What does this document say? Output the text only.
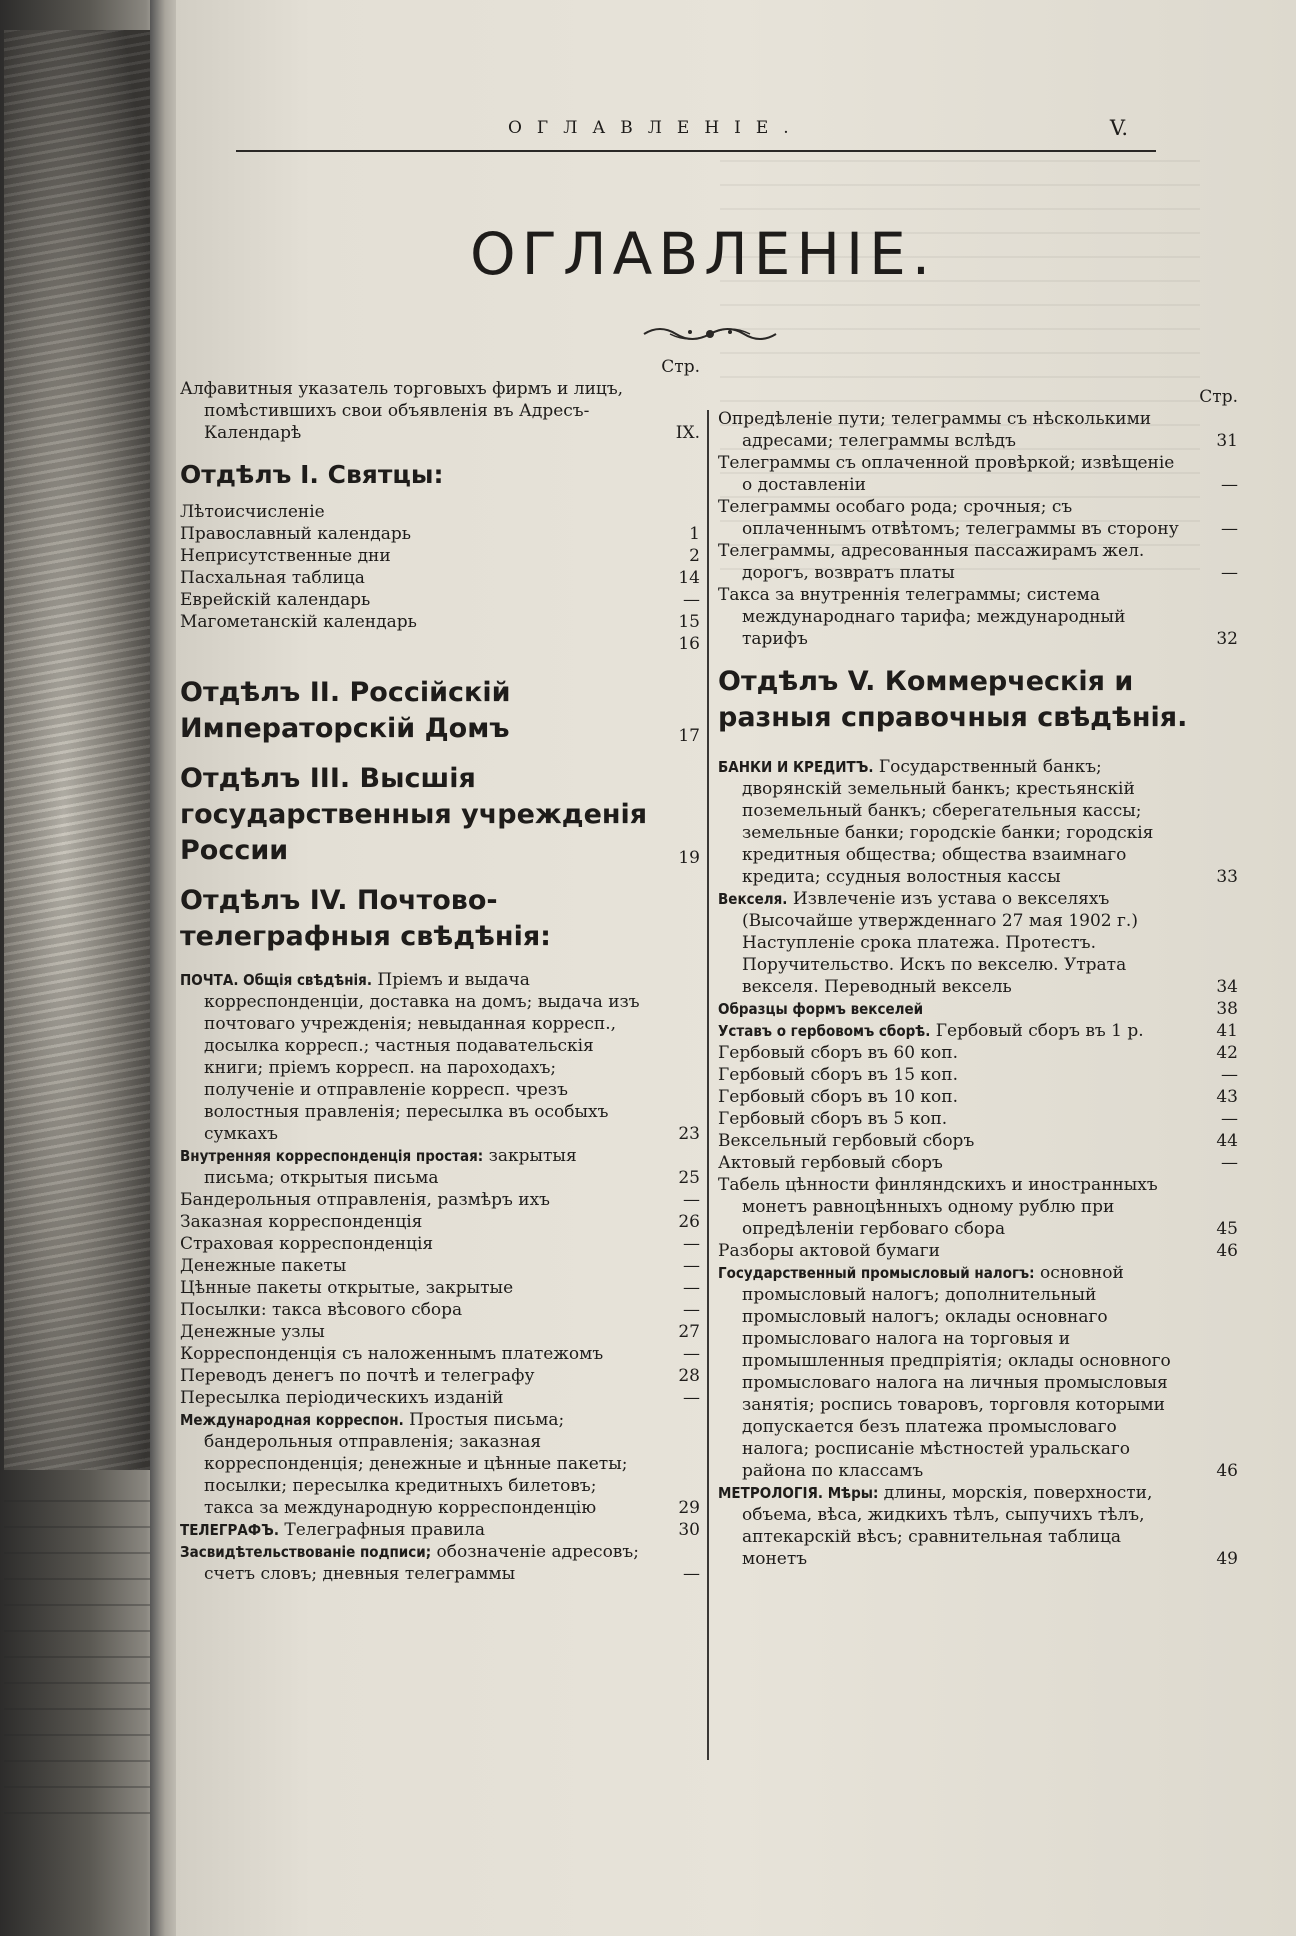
ОГЛАВЛЕНІЕ.	V.
ОГЛАВЛЕНІЕ.
Стр.
Алфавитныя указатель торговыхъ фирмъ и лицъ, помѣстившихъ свои объявленія въ Адресъ-Календарѣ	IX.
Отдѣлъ I. Святцы:
Лѣтоисчисленіе
Православный календарь	1
Неприсутственные дни	2
Пасхальная таблица	14
Еврейскій календарь	—
Магометанскій календарь	15
16
Отдѣлъ II. Россійскій Императорскій Домъ	17
Отдѣлъ III. Высшія государственныя учрежденія России	19
Отдѣлъ IV. Почтово-телеграфныя свѣдѣнія:
ПОЧТА. Общія свѣдѣнія. Пріемъ и выдача корреспонденціи, доставка на домъ; выдача изъ почтоваго учрежденія; невыданная корресп., досылка корресп.; частныя подавательскія книги; пріемъ корресп. на пароходахъ; полученіе и отправленіе корресп. чрезъ волостныя правленія; пересылка въ особыхъ сумкахъ	23
Внутренняя корреспонденція простая: закрытыя письма; открытыя письма	25
Бандерольныя отправленія, размѣръ ихъ	—
Заказная корреспонденція	26
Страховая корреспонденція	—
Денежные пакеты	—
Цѣнные пакеты открытые, закрытые	—
Посылки: такса вѣсового сбора	—
Денежные узлы	27
Корреспонденція съ наложеннымъ платежомъ	—
Переводъ денегъ по почтѣ и телеграфу	28
Пересылка періодическихъ изданій	—
Международная корреспон. Простыя письма; бандерольныя отправленія; заказная корреспонденція; денежные и цѣнные пакеты; посылки; пересылка кредитныхъ билетовъ; такса за международную корреспонденцію	29
ТЕЛЕГРАФЪ. Телеграфныя правила	30
Засвидѣтельствованіе подписи; обозначеніе адресовъ; счетъ словъ; дневныя телеграммы	—
Стр.
Опредѣленіе пути; телеграммы съ нѣсколькими адресами; телеграммы вслѣдъ	31
Телеграммы съ оплаченной провѣркой; извѣщеніе о доставленіи	—
Телеграммы особаго рода; срочныя; съ оплаченнымъ отвѣтомъ; телеграммы въ сторону	—
Телеграммы, адресованныя пассажирамъ жел. дорогъ, возвратъ платы	—
Такса за внутреннія телеграммы; система международнаго тарифа; международный тарифъ	32
Отдѣлъ V. Коммерческія и разныя справочныя свѣдѣнія.
БАНКИ И КРЕДИТЪ. Государственный банкъ; дворянскій земельный банкъ; крестьянскій поземельный банкъ; сберегательныя кассы; земельные банки; городскіе банки; городскія кредитныя общества; общества взаимнаго кредита; ссудныя волостныя кассы	33
Векселя. Извлеченіе изъ устава о векселяхъ (Высочайше утвержденнаго 27 мая 1902 г.) Наступленіе срока платежа. Протестъ. Поручительство. Искъ по векселю. Утрата векселя. Переводный вексель	34
Образцы формъ векселей	38
Уставъ о гербовомъ сборѣ. Гербовый сборъ въ 1 р.	41
Гербовый сборъ въ 60 коп.	42
Гербовый сборъ въ 15 коп.	—
Гербовый сборъ въ 10 коп.	43
Гербовый сборъ въ 5 коп.	—
Вексельный гербовый сборъ	44
Актовый гербовый сборъ	—
Табель цѣнности финляндскихъ и иностранныхъ монетъ равноцѣнныхъ одному рублю при опредѣленіи гербоваго сбора	45
Разборы актовой бумаги	46
Государственный промысловый налогъ: основной промысловый налогъ; дополнительный промысловый налогъ; оклады основнаго промысловаго налога на торговыя и промышленныя предпріятія; оклады основного промысловаго налога на личныя промысловыя занятія; роспись товаровъ, торговля которыми допускается безъ платежа промысловаго налога; росписаніе мѣстностей уральскаго района по классамъ	46
МЕТРОЛОГІЯ. Мѣры: длины, морскія, поверхности, объема, вѣса, жидкихъ тѣлъ, сыпучихъ тѣлъ, аптекарскій вѣсъ; сравнительная таблица монетъ	49
